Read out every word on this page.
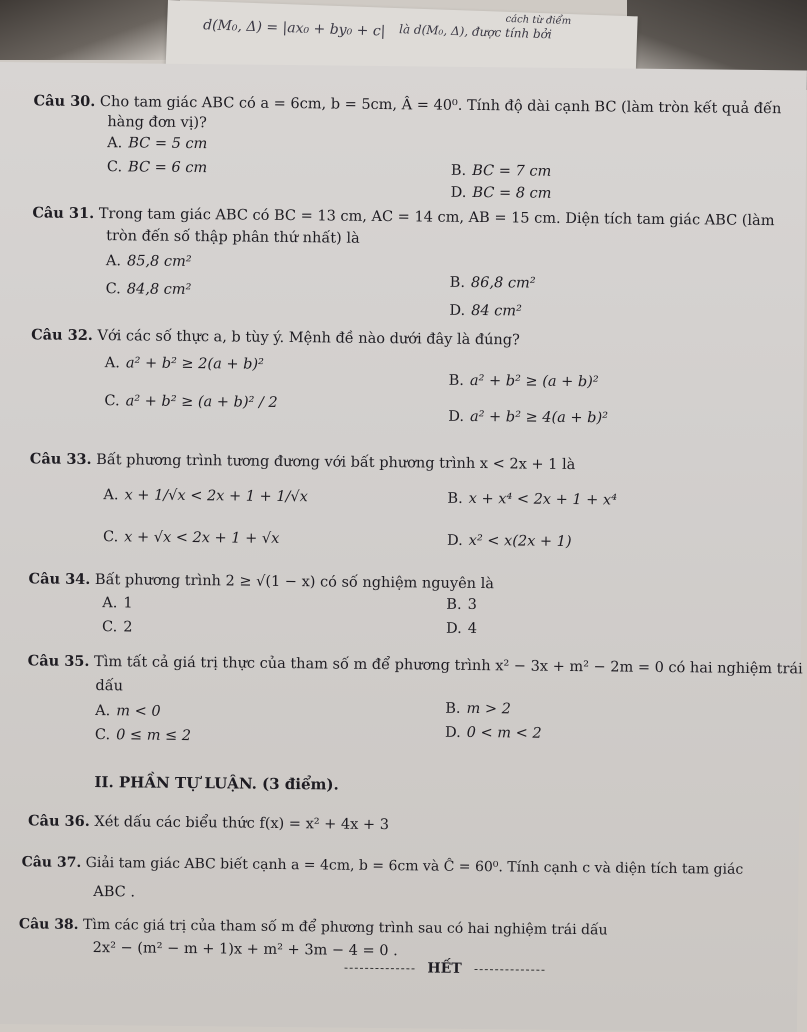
cách từ điểm
là d(M₀, Δ), được tính bởi
d(M₀, Δ) = |ax₀ + by₀ + c|
Câu 30. Cho tam giác ABC có a = 6cm, b = 5cm, Â = 40⁰. Tính độ dài cạnh BC (làm tròn kết quả đến
hàng đơn vị)?
A. BC = 5 cm
B. BC = 7 cm
C. BC = 6 cm
D. BC = 8 cm
Câu 31. Trong tam giác ABC có BC = 13 cm, AC = 14 cm, AB = 15 cm. Diện tích tam giác ABC (làm
tròn đến số thập phân thứ nhất) là
A. 85,8 cm²
B. 86,8 cm²
C. 84,8 cm²
D. 84 cm²
Câu 32. Với các số thực a, b tùy ý. Mệnh đề nào dưới đây là đúng?
A. a² + b² ≥ 2(a + b)²
B. a² + b² ≥ (a + b)²
C. a² + b² ≥ (a + b)² / 2
D. a² + b² ≥ 4(a + b)²
Câu 33. Bất phương trình tương đương với bất phương trình x < 2x + 1 là
A. x + 1/√x < 2x + 1 + 1/√x	B. x + x⁴ < 2x + 1 + x⁴
C. x + √x < 2x + 1 + √x	D. x² < x(2x + 1)
Câu 34. Bất phương trình 2 ≥ √(1 − x) có số nghiệm nguyên là
A. 1	B. 3
C. 2	D. 4
Câu 35. Tìm tất cả giá trị thực của tham số m để phương trình x² − 3x + m² − 2m = 0 có hai nghiệm trái
dấu
A. m < 0	B. m > 2
C. 0 ≤ m ≤ 2	D. 0 < m < 2
II. PHẦN TỰ LUẬN. (3 điểm).
Câu 36. Xét dấu các biểu thức f(x) = x² + 4x + 3
Câu 37. Giải tam giác ABC biết cạnh a = 4cm, b = 6cm và Ĉ = 60⁰. Tính cạnh c và diện tích tam giác
ABC .
Câu 38. Tìm các giá trị của tham số m để phương trình sau có hai nghiệm trái dấu
2x² − (m² − m + 1)x + m² + 3m − 4 = 0 .
HẾT
